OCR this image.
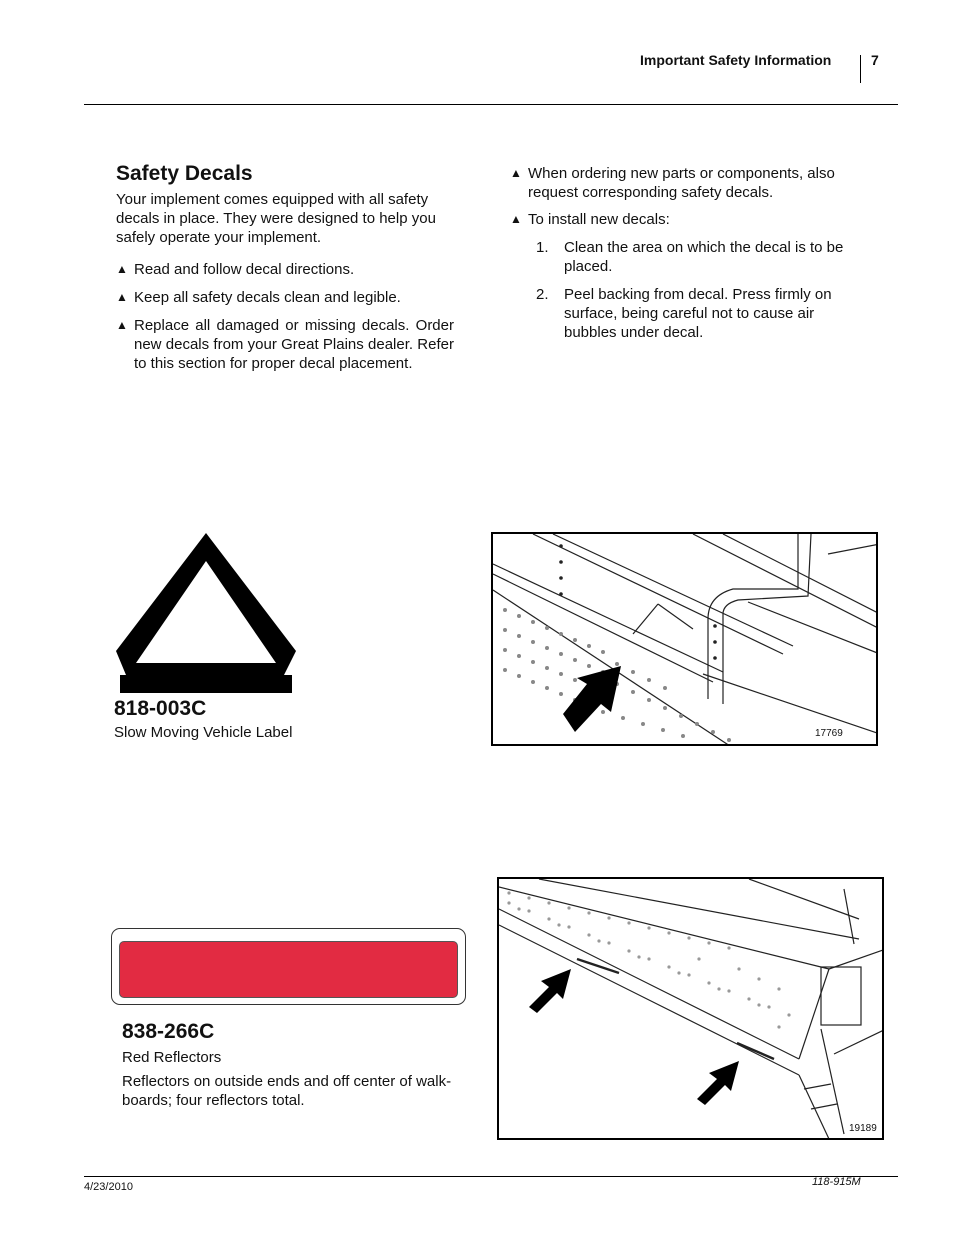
Important Safety Information	7
Safety Decals
Your implement comes equipped with all safety decals in place. They were designed to help you safely operate your implement.
▲ Read and follow decal directions.
▲ Keep all safety decals clean and legible.
▲ Replace all damaged or missing decals. Order new decals from your Great Plains dealer. Refer to this section for proper decal placement.
▲ When ordering new parts or components, also request corresponding safety decals.
▲ To install new decals:
1.	Clean the area on which the decal is to be placed.
2.	Peel backing from decal. Press firmly on surface, being careful not to cause air bubbles under decal.
818-003C
Slow Moving Vehicle Label	17769
838-266C
Red Reflectors
Reflectors on outside ends and off center of walk-boards; four reflectors total.
19189
4/23/2010	118-915M
